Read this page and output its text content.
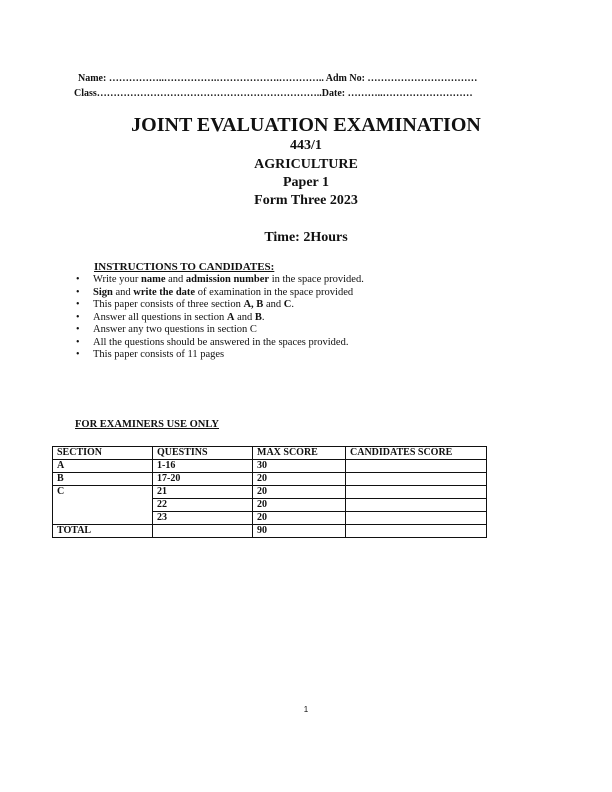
Name: ……………..…………….……………….………….. Adm No: ……………………………
Class…………………………………………………………..Date: ………..………………………
JOINT EVALUATION EXAMINATION
443/1
AGRICULTURE
Paper 1
Form Three 2023
Time: 2Hours
INSTRUCTIONS TO CANDIDATES:
• Write your name and admission number in the space provided.
• Sign and write the date of examination in the space provided
• This paper consists of three section A, B and C.
• Answer all questions in section A and B.
• Answer any two questions in section C
• All the questions should be answered in the spaces provided.
• This paper consists of 11 pages
FOR EXAMINERS USE ONLY
SECTION	QUESTINS	MAX SCORE	CANDIDATES SCORE
A	1-16	30	
B	17-20	20	
C	21	20	
	22	20	
	23	20	
TOTAL		90	
1
